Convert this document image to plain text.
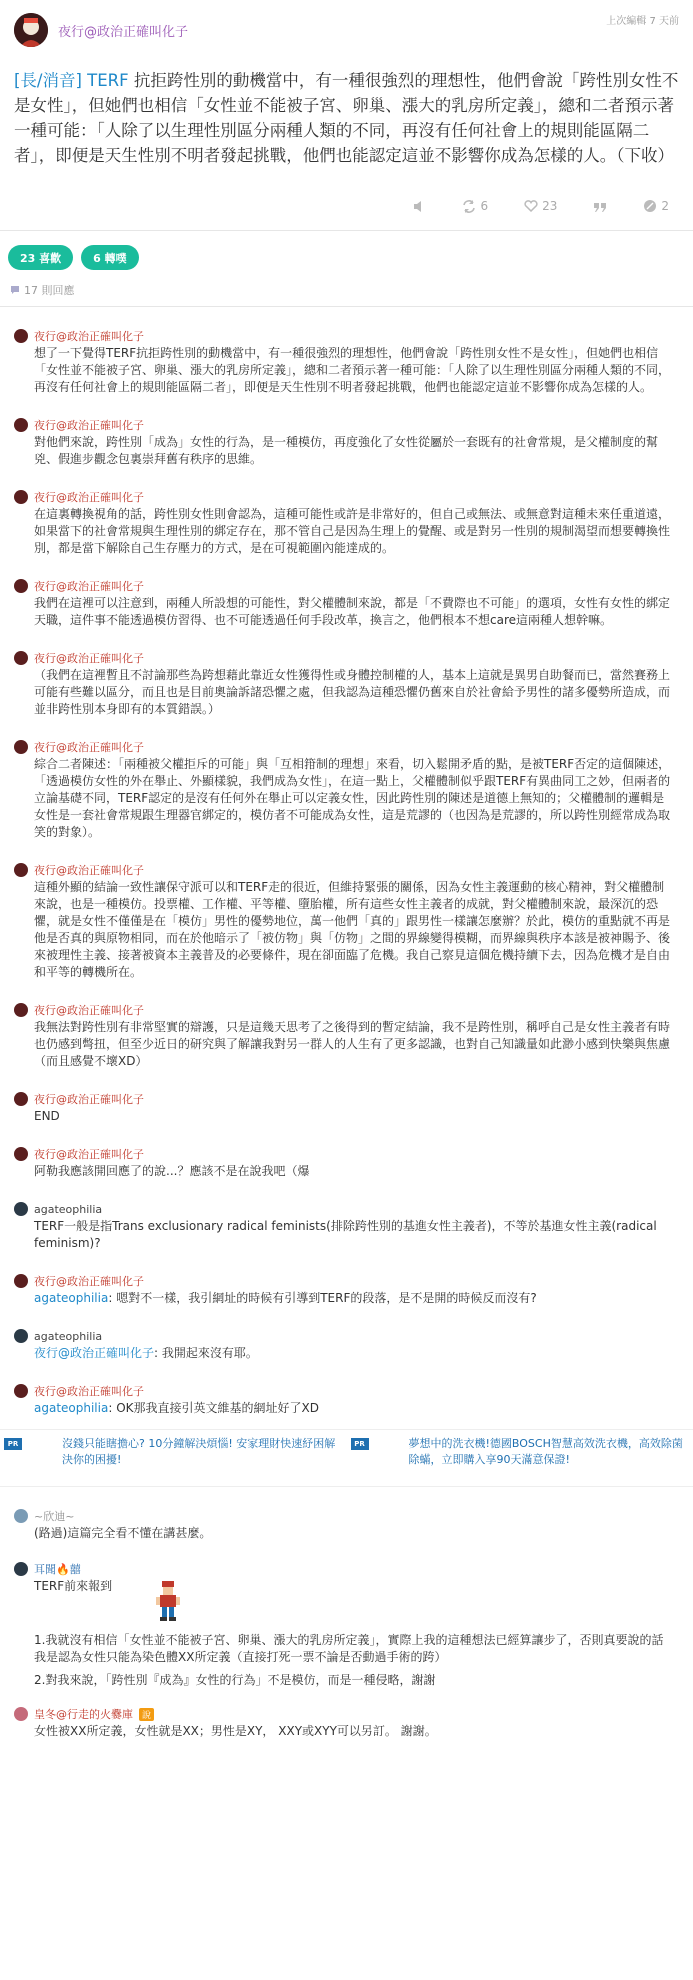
夜行@政治正確叫化子
上次編輯 7 天前
[長/消音] TERF 抗拒跨性別的動機當中，有一種很強烈的理想性，他們會說「跨性別女性不是女性」，但她們也相信「女性並不能被子宮、卵巢、漲大的乳房所定義」，總和二者預示著一種可能：「人除了以生理性別區分兩種人類的不同，再沒有任何社會上的規則能區隔二者」，即便是天生性別不明者發起挑戰，他們也能認定這並不影響你成為怎樣的人。（下收）
6	23	2
23 喜歡	6 轉噗
17 則回應
夜行@政治正確叫化子
想了一下覺得TERF抗拒跨性別的動機當中，有一種很強烈的理想性，他們會說「跨性別女性不是女性」，但她們也相信「女性並不能被子宮、卵巢、漲大的乳房所定義」，總和二者預示著一種可能：「人除了以生理性別區分兩種人類的不同，再沒有任何社會上的規則能區隔二者」，即便是天生性別不明者發起挑戰，他們也能認定這並不影響你成為怎樣的人。
夜行@政治正確叫化子
對他們來說，跨性別「成為」女性的行為，是一種模仿，再度強化了女性從屬於一套既有的社會常規，是父權制度的幫兇、假進步觀念包裏崇拜舊有秩序的思維。
夜行@政治正確叫化子
在這裏轉換視角的話，跨性別女性則會認為，這種可能性或許是非常好的，但自己或無法、或無意對這種未來任重道遠，如果當下的社會常規與生理性別的綁定存在，那不管自己是因為生理上的覺醒、或是對另一性別的規制渴望而想要轉換性別，都是當下解除自己生存壓力的方式，是在可視範圍內能達成的。
夜行@政治正確叫化子
我們在這裡可以注意到，兩種人所設想的可能性，對父權體制來說，都是「不費際也不可能」的選項，女性有女性的綁定天職，這件事不能透過模仿習得、也不可能透過任何手段改革，換言之，他們根本不想care這兩種人想幹嘛。
夜行@政治正確叫化子
（我們在這裡暫且不討論那些為跨想藉此靠近女性獲得性或身體控制權的人，基本上這就是異男自助餐而已，當然賽務上可能有些難以區分，而且也是目前奧論訴諸恐懼之處，但我認為這種恐懼仍舊來自於社會給予男性的諸多優勢所造成，而並非跨性別本身即有的本質錯誤。）
夜行@政治正確叫化子
綜合二者陳述：「兩種被父權拒斥的可能」與「互相箝制的理想」來看，切入鬆開矛盾的點，是被TERF否定的這個陳述，「透過模仿女性的外在舉止、外顯樣貌，我們成為女性」，在這一點上，父權體制似乎跟TERF有異曲同工之妙，但兩者的立論基礎不同，TERF認定的是沒有任何外在舉止可以定義女性，因此跨性別的陳述是道德上無知的；父權體制的邏輯是女性是一套社會常規跟生理器官綁定的，模仿者不可能成為女性，這是荒謬的（也因為是荒謬的，所以跨性別經常成為取笑的對象）。
夜行@政治正確叫化子
這種外顯的結論一致性讓保守派可以和TERF走的很近，但維持緊張的關係，因為女性主義運動的核心精神，對父權體制來說，也是一種模仿。投票權、工作權、平等權、墮胎權，所有這些女性主義者的成就，對父權體制來說，最深沉的恐懼，就是女性不僅僅是在「模仿」男性的優勢地位，萬一他們「真的」跟男性一樣讓怎麼辦？於此，模仿的重點就不再是他是否真的與原物相同，而在於他暗示了「被仿物」與「仿物」之間的界線變得模糊，而界線與秩序本該是被神賜予、後來被理性主義、接著被資本主義普及的必要條件，現在卻面臨了危機。我自己察見這個危機持續下去，因為危機才是自由和平等的轉機所在。
夜行@政治正確叫化子
我無法對跨性別有非常堅實的辯護，只是這幾天思考了之後得到的暫定結論，我不是跨性別，稱呼自己是女性主義者有時也仍感到彆扭，但至少近日的研究與了解讓我對另一群人的人生有了更多認識，也對自己知識量如此渺小感到快樂與焦慮（而且感覺不壞XD）
夜行@政治正確叫化子
END
夜行@政治正確叫化子
阿勒我應該開回應了的說...？應該不是在說我吧（爆
agateophilia
TERF一般是指Trans exclusionary radical feminists(排除跨性別的基進女性主義者)，不等於基進女性主義(radical feminism)?
夜行@政治正確叫化子
agateophilia: 嗯對不一樣，我引網址的時候有引導到TERF的段落，是不是開的時候反而沒有?
agateophilia
夜行@政治正確叫化子: 我開起來沒有耶。
夜行@政治正確叫化子
agateophilia: OK那我直接引英文維基的網址好了XD
PR	沒錢只能瞎擔心? 10分鐘解決煩惱! 安家理財快速紓困解決你的困擾!
PR	夢想中的洗衣機!德國BOSCH智慧高效洗衣機，高效除菌除蟎，立即購入享90天滿意保證!
~欣迪~
(路過)這篇完全看不懂在講甚麼。
耳聞🔥囍
TERF前來報到
1.我就沒有相信「女性並不能被子宮、卵巢、漲大的乳房所定義」，實際上我的這種想法已經算讓步了，否則真要說的話我是認為女性只能為染色體XX所定義（直接打死一票不論是否動過手術的跨）
2.對我來說，「跨性別『成為』女性的行為」不是模仿，而是一種侵略，謝謝
皇冬@行走的火爨庫	說
女性被XX所定義，女性就是XX；男性是XY， XXY或XYY可以另訂。 謝謝。
